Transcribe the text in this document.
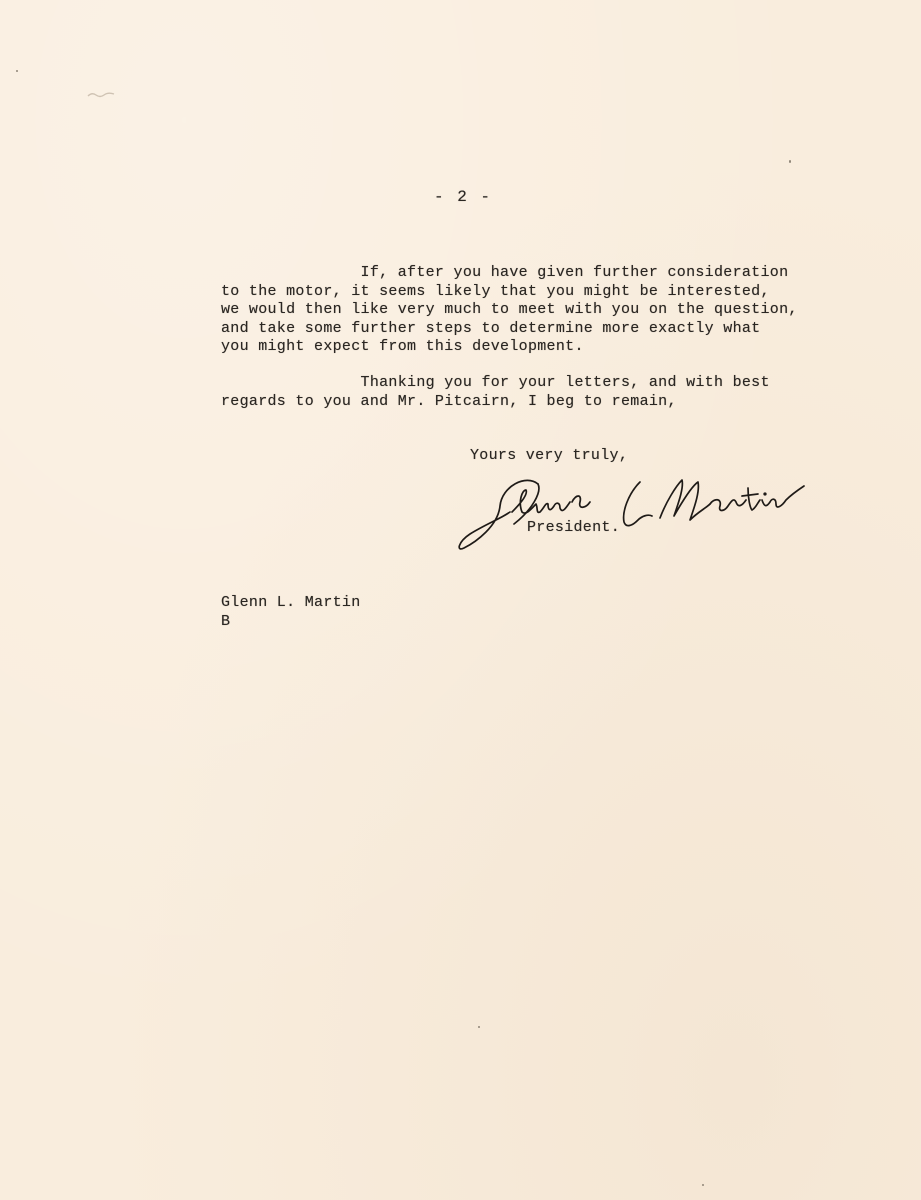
- 2 -
If, after you have given further consideration
to the motor, it seems likely that you might be interested,
we would then like very much to meet with you on the question,
and take some further steps to determine more exactly what
you might expect from this development.
Thanking you for your letters, and with best
regards to you and Mr. Pitcairn, I beg to remain,
Yours very truly,
President.
Glenn L. Martin
B
